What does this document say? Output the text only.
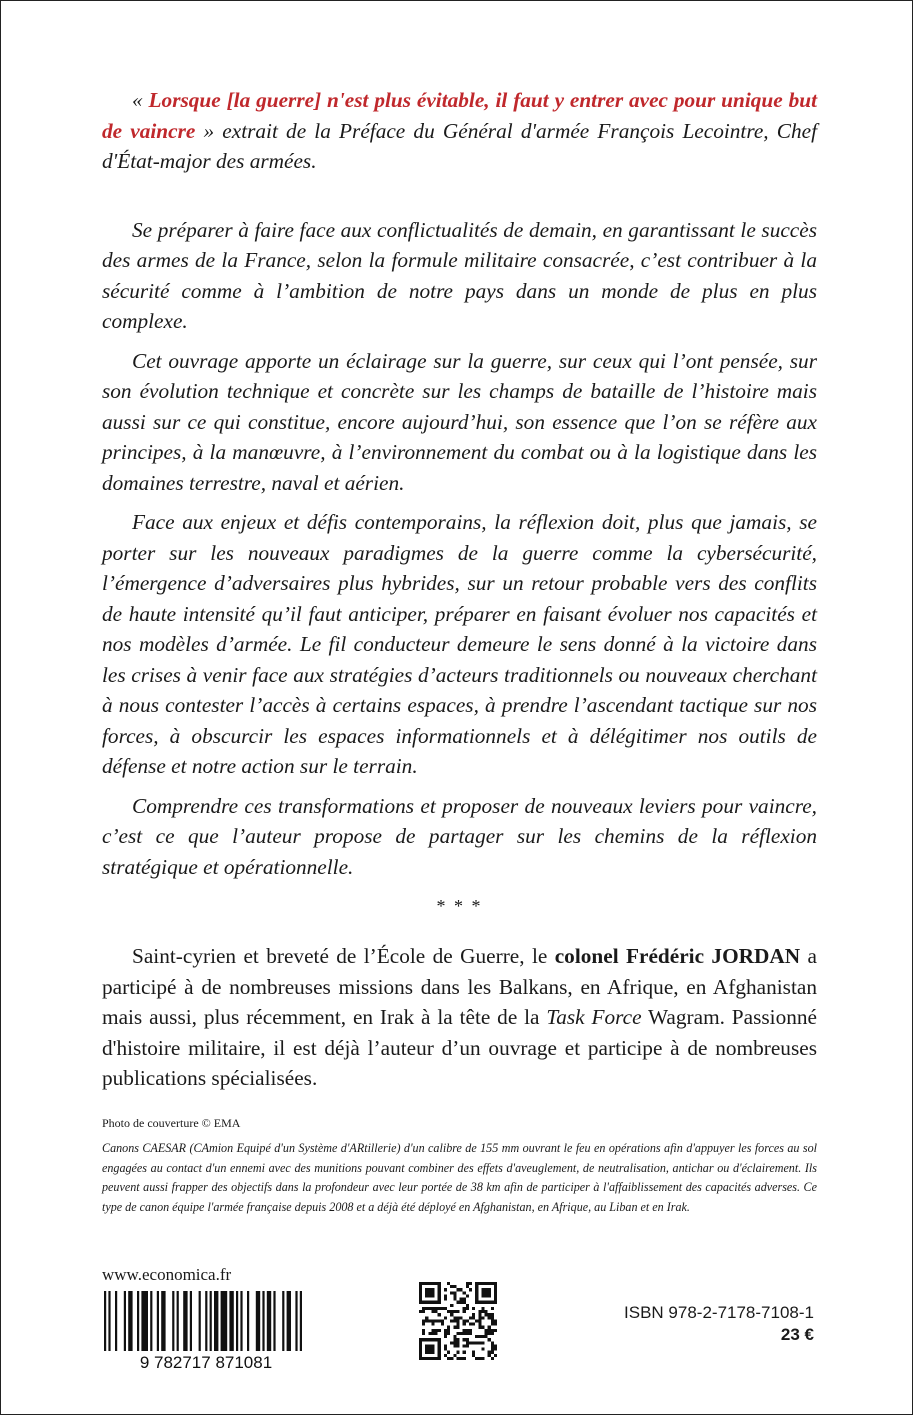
« Lorsque [la guerre] n'est plus évitable, il faut y entrer avec pour unique but de vaincre » extrait de la Préface du Général d'armée François Lecointre, Chef d'État-major des armées.

Se préparer à faire face aux conflictualités de demain, en garantissant le succès des armes de la France, selon la formule militaire consacrée, c’est contribuer à la sécurité comme à l’ambition de notre pays dans un monde de plus en plus complexe.

Cet ouvrage apporte un éclairage sur la guerre, sur ceux qui l’ont pensée, sur son évolution technique et concrète sur les champs de bataille de l’histoire mais aussi sur ce qui constitue, encore aujourd’hui, son essence que l’on se réfère aux principes, à la manœuvre, à l’environnement du combat ou à la logistique dans les domaines terrestre, naval et aérien.

Face aux enjeux et défis contemporains, la réflexion doit, plus que jamais, se porter sur les nouveaux paradigmes de la guerre comme la cybersécurité, l’émergence d’adversaires plus hybrides, sur un retour probable vers des conflits de haute intensité qu’il faut anticiper, préparer en faisant évoluer nos capacités et nos modèles d’armée. Le fil conducteur demeure le sens donné à la victoire dans les crises à venir face aux stratégies d’acteurs traditionnels ou nouveaux cherchant à nous contester l’accès à certains espaces, à prendre l’ascendant tactique sur nos forces, à obscurcir les espaces informationnels et à délégitimer nos outils de défense et notre action sur le terrain.

Comprendre ces transformations et proposer de nouveaux leviers pour vaincre, c’est ce que l’auteur propose de partager sur les chemins de la réflexion stratégique et opérationnelle.

* * *

Saint-cyrien et breveté de l’École de Guerre, le colonel Frédéric JORDAN a participé à de nombreuses missions dans les Balkans, en Afrique, en Afghanistan mais aussi, plus récemment, en Irak à la tête de la Task Force Wagram. Passionné d'histoire militaire, il est déjà l’auteur d’un ouvrage et participe à de nombreuses publications spécialisées.

Photo de couverture © EMA
Canons CAESAR (CAmion Equipé d'un Système d'ARtillerie) d'un calibre de 155 mm ouvrant le feu en opérations afin d'appuyer les forces au sol engagées au contact d'un ennemi avec des munitions pouvant combiner des effets d'aveuglement, de neutralisation, antichar ou d'éclairement. Ils peuvent aussi frapper des objectifs dans la profondeur avec leur portée de 38 km afin de participer à l'affaiblissement des capacités adverses. Ce type de canon équipe l'armée française depuis 2008 et a déjà été déployé en Afghanistan, en Afrique, au Liban et en Irak.
www.economica.fr
9 782717 871081
ISBN 978-2-7178-7108-1
23 €
